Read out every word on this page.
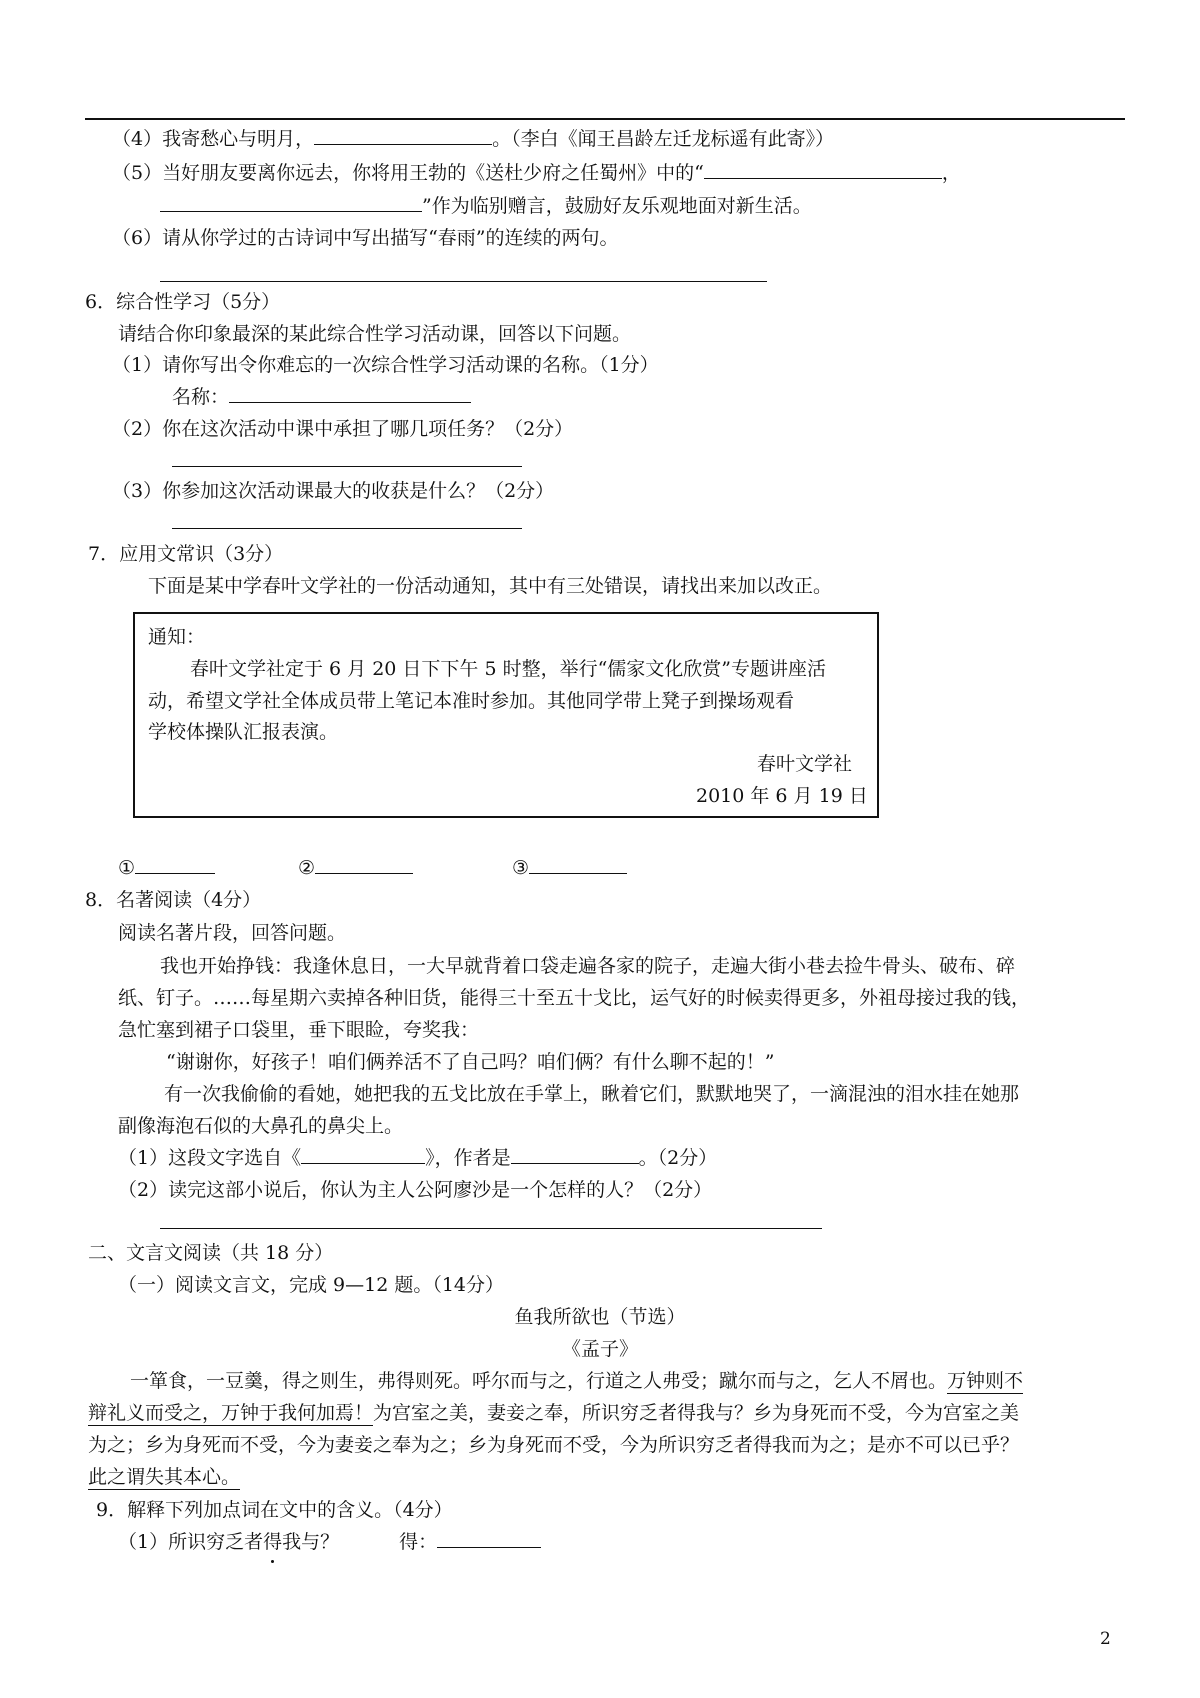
（4）我寄愁心与明月，	。（李白《闻王昌龄左迁龙标遥有此寄》）
（5）当好朋友要离你远去，你将用王勃的《送杜少府之任蜀州》中的“	，
”作为临别赠言，鼓励好友乐观地面对新生活。
（6）请从你学过的古诗词中写出描写“春雨”的连续的两句。
6．综合性学习（5分）
请结合你印象最深的某此综合性学习活动课，回答以下问题。
（1）请你写出令你难忘的一次综合性学习活动课的名称。（1分）
名称：
（2）你在这次活动中课中承担了哪几项任务？（2分）
（3）你参加这次活动课最大的收获是什么？（2分）
7．应用文常识（3分）
下面是某中学春叶文学社的一份活动通知，其中有三处错误，请找出来加以改正。
通知：
春叶文学社定于 6 月 20 日下下午 5 时整，举行“儒家文化欣赏”专题讲座活
动，希望文学社全体成员带上笔记本准时参加。其他同学带上凳子到操场观看
学校体操队汇报表演。
春叶文学社
2010 年 6 月 19 日
①	②	③
8．名著阅读（4分）
阅读名著片段，回答问题。
我也开始挣钱：我逢休息日，一大早就背着口袋走遍各家的院子，走遍大街小巷去捡牛骨头、破布、碎
纸、钉子。……每星期六卖掉各种旧货，能得三十至五十戈比，运气好的时候卖得更多，外祖母接过我的钱，
急忙塞到裙子口袋里，垂下眼睑，夸奖我：
“谢谢你，好孩子！咱们俩养活不了自己吗？咱们俩？有什么聊不起的！”
有一次我偷偷的看她，她把我的五戈比放在手掌上，瞅着它们，默默地哭了，一滴混浊的泪水挂在她那
副像海泡石似的大鼻孔的鼻尖上。
（1）这段文字选自《	》，作者是	。（2分）
（2）读完这部小说后，你认为主人公阿廖沙是一个怎样的人？（2分）
二、文言文阅读（共 18 分）
（一）阅读文言文，完成 9—12 题。（14分）
鱼我所欲也（节选）
《孟子》
一箪食，一豆羹，得之则生，弗得则死。呼尔而与之，行道之人弗受；蹴尔而与之，乞人不屑也。万钟则不
辩礼义而受之，万钟于我何加焉！为宫室之美，妻妾之奉，所识穷乏者得我与？乡为身死而不受，今为宫室之美
为之；乡为身死而不受，今为妻妾之奉为之；乡为身死而不受，今为所识穷乏者得我而为之；是亦不可以已乎？
此之谓失其本心。
9．解释下列加点词在文中的含义。（4分）
（1）所识穷乏者得我与？	得：
2
